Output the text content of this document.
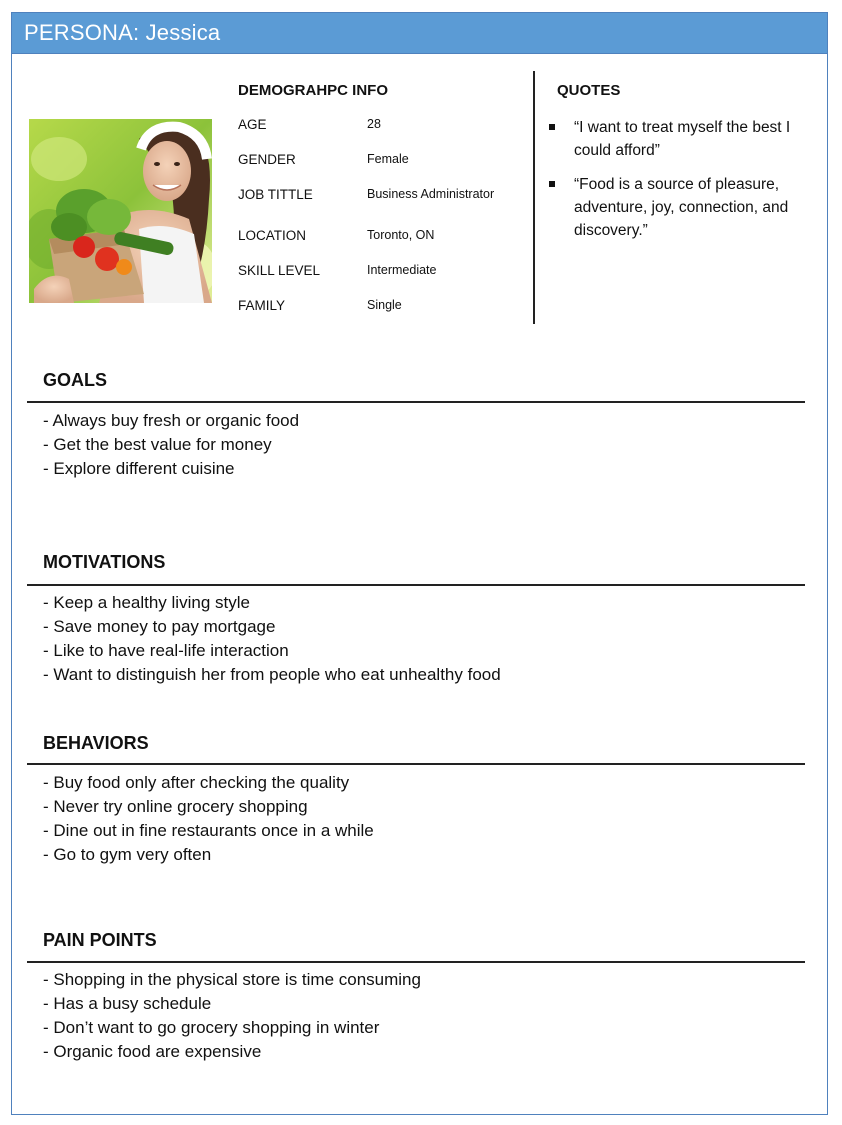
PERSONA: Jessica
DEMOGRAHPC INFO
AGE	28
GENDER	Female
JOB TITTLE	Business Administrator
LOCATION	Toronto, ON
SKILL LEVEL	Intermediate
FAMILY	Single
QUOTES
“I want to treat myself the best I could afford”
“Food is a source of pleasure, adventure, joy, connection, and discovery.”
GOALS
- Always buy fresh or organic food
- Get the best value for money
- Explore different cuisine
MOTIVATIONS
- Keep a healthy living style
- Save money to pay mortgage
- Like to have real-life interaction
- Want to distinguish her from people who eat unhealthy food
BEHAVIORS
- Buy food only after checking the quality
- Never try online grocery shopping
- Dine out in fine restaurants once in a while
- Go to gym very often
PAIN POINTS
- Shopping in the physical store is time consuming
- Has a busy schedule
- Don’t want to go grocery shopping in winter
- Organic food are expensive
